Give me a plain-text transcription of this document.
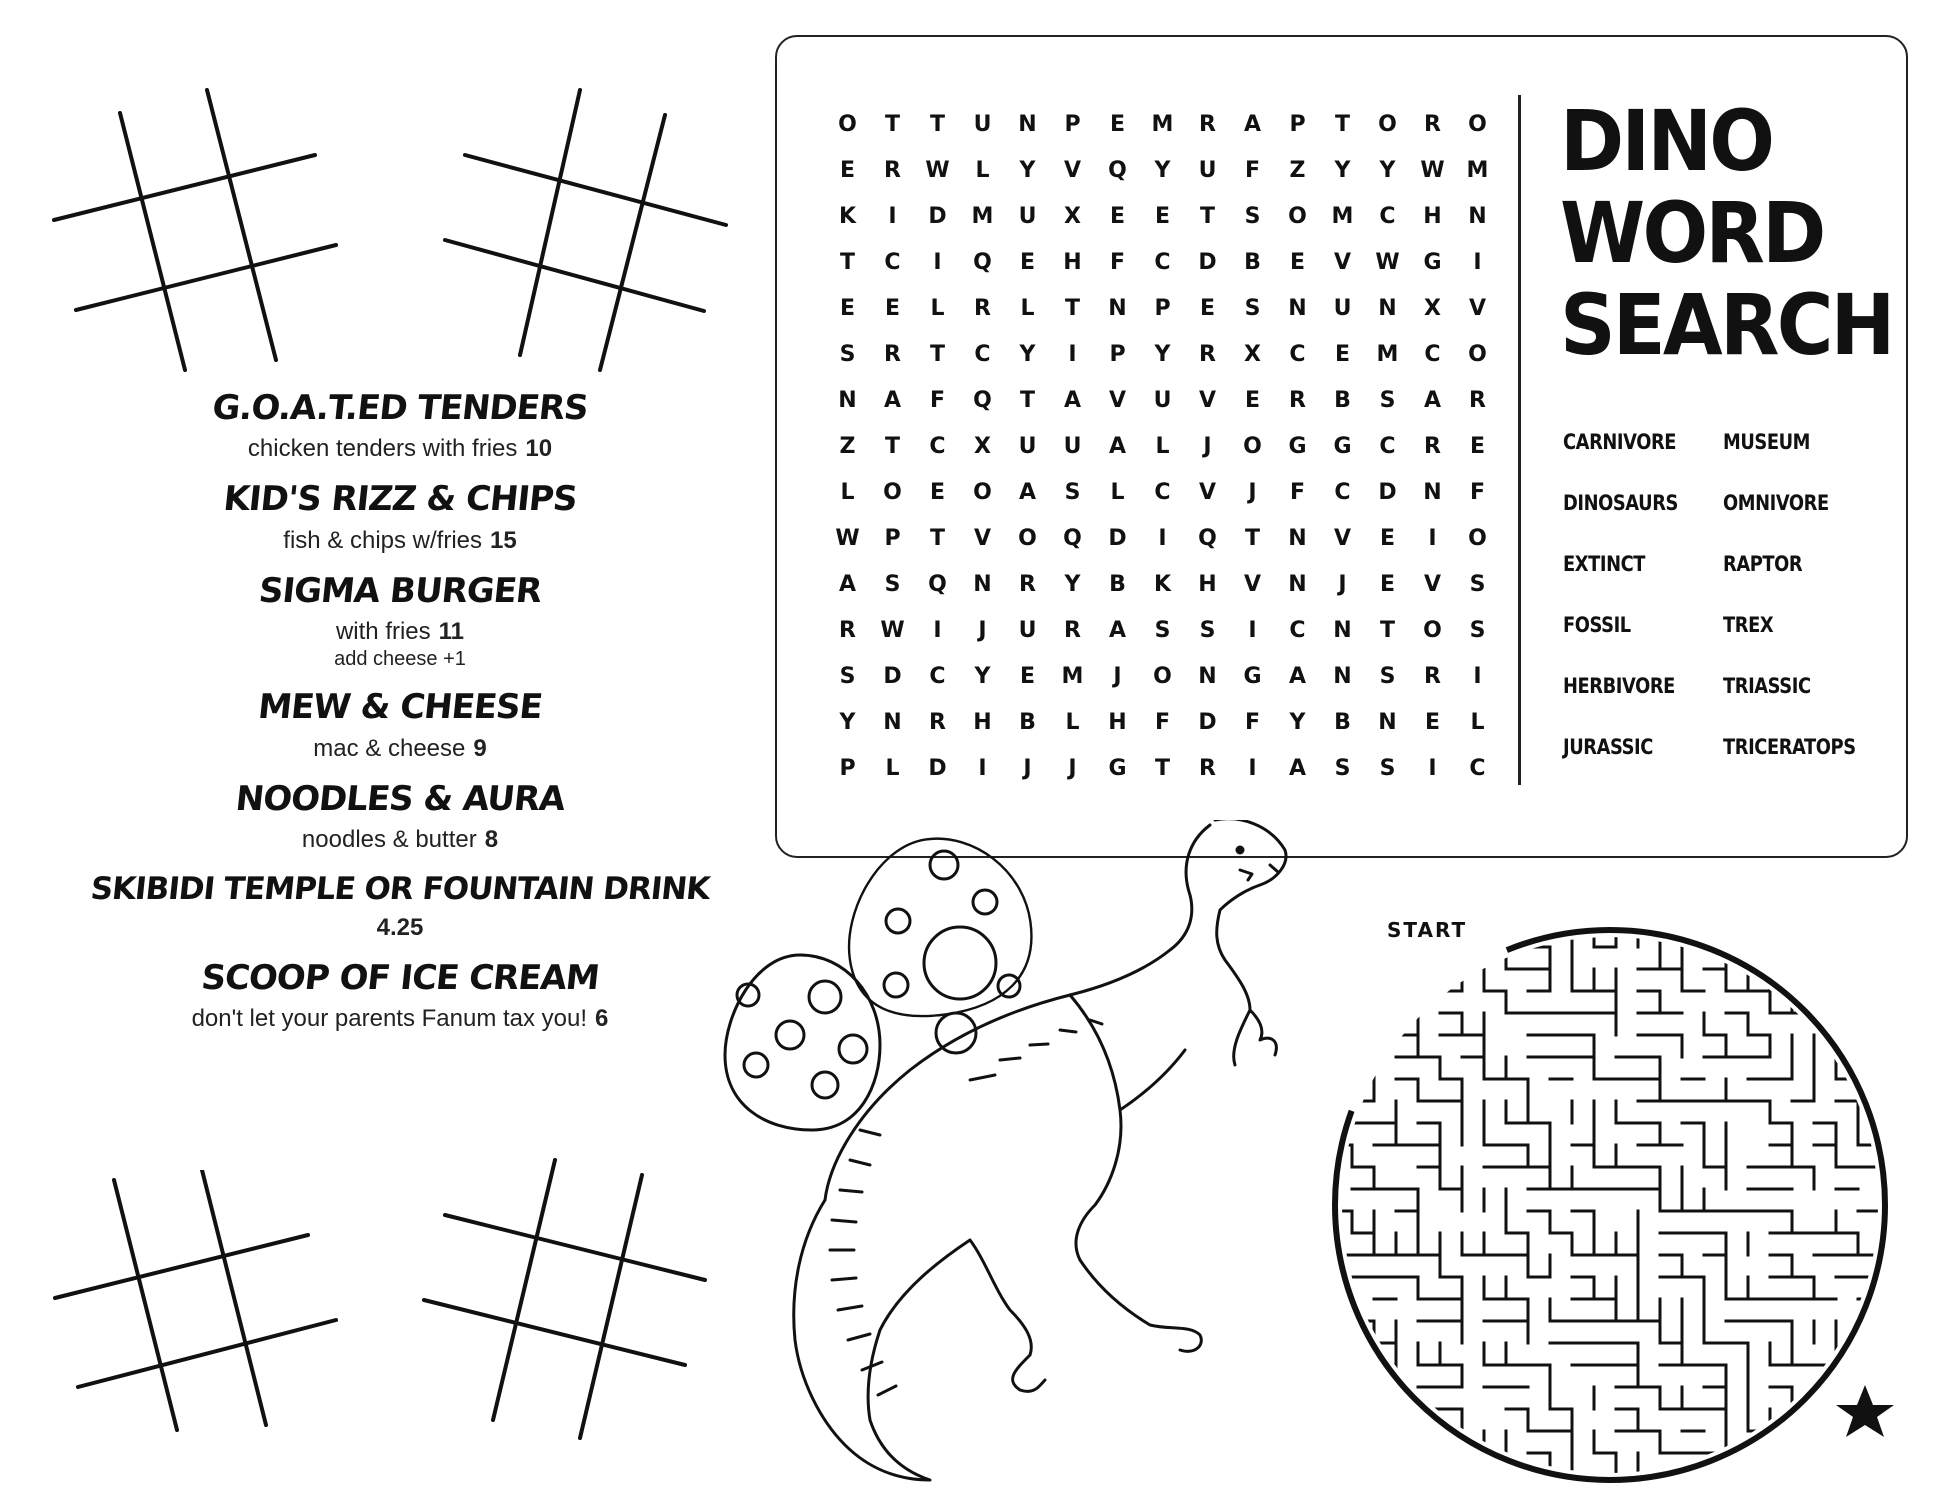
G.O.A.T.ED TENDERS
chicken tenders with fries 10
KID'S RIZZ & CHIPS
fish & chips w/fries 15
SIGMA BURGER
with fries 11
add cheese +1
MEW & CHEESE
mac & cheese 9
NOODLES & AURA
noodles & butter 8
SKIBIDI TEMPLE OR FOUNTAIN DRINK
4.25
SCOOP OF ICE CREAM
don't let your parents Fanum tax you! 6
O	T	T	U	N	P	E	M	R	A	P	T	O	R	O
E	R	W	L	Y	V	Q	Y	U	F	Z	Y	Y	W M
K	I	D	M	U	X	E	E	T	S	O	M	C	H	N
T	C	I	Q	E	H	F	C	D	B	E	V	W	G	I
E	E	L	R	L	T	N	P	E	S	N	U	N	X	V
S	R	T	C	Y	I	P	Y	R	X	C	E	M	C	O
N	A	F	Q	T	A	V	U	V	E	R	B	S	A	R
Z	T	C	X	U	U	A	L	J	O	G	G	C	R	E
L	O	E	O	A	S	L	C	V	J	F	C	D	N	F
W	P	T	V	O	Q	D	I	Q	T	N	V	E	I	O
A	S	Q	N	R	Y	B	K	H	V	N	J	E	V	S
R	W	I	J	U	R	A	S	S	I	C	N	T	O	S
S	D	C	Y	E	M	J	O	N	G	A	N	S	R	I
Y	N	R	H	B	L	H	F	D	F	Y	B	N	E	L
P	L	D	I	J	J	G	T	R	I	A	S	S	I	C
DINO
WORD
SEARCH
CARNIVORE	MUSEUM
DINOSAURS	OMNIVORE
EXTINCT	RAPTOR
FOSSIL	TREX
HERBIVORE	TRIASSIC
JURASSIC	TRICERATOPS
START
